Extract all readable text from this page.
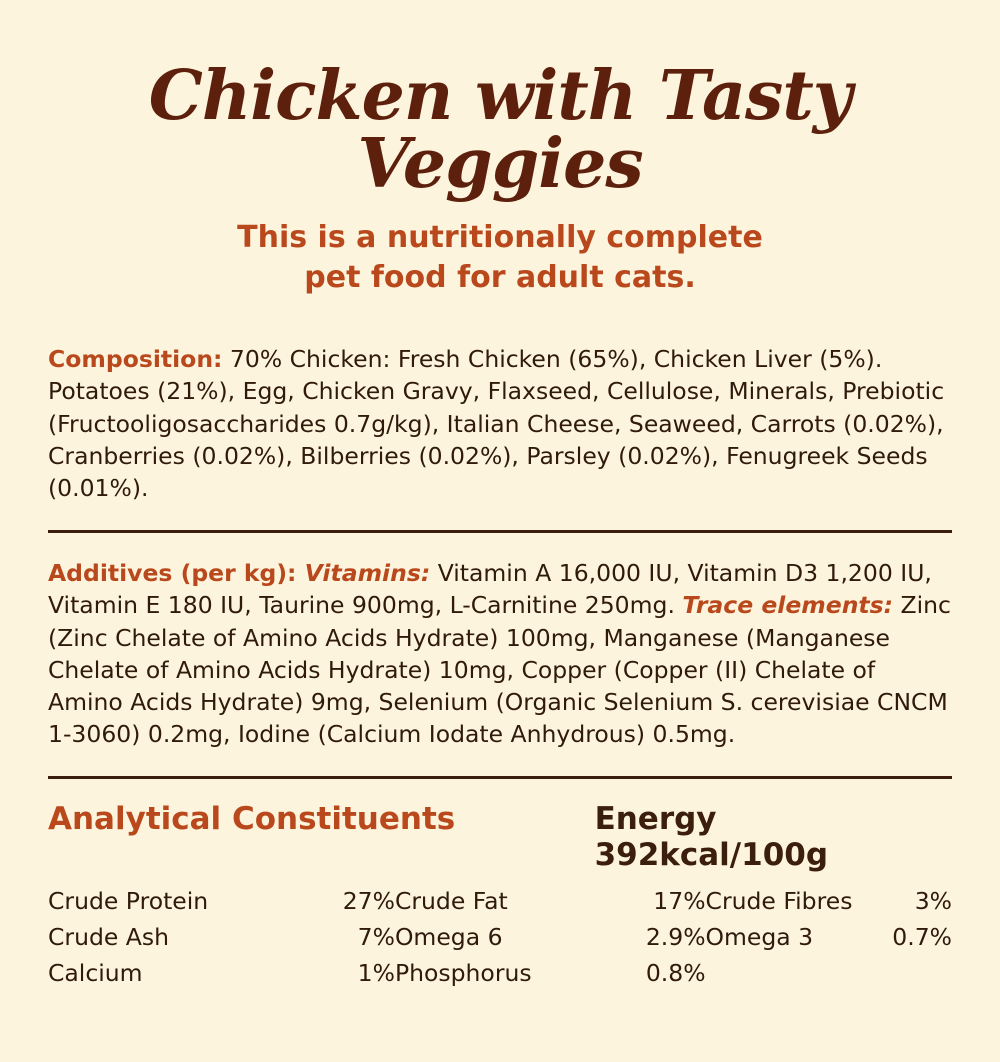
Chicken with Tasty Veggies
This is a nutritionally complete
pet food for adult cats.

Composition: 70% Chicken: Fresh Chicken (65%), Chicken Liver (5%). Potatoes (21%), Egg, Chicken Gravy, Flaxseed, Cellulose, Minerals, Prebiotic (Fructooligosaccharides 0.7g/kg), Italian Cheese, Seaweed, Carrots (0.02%), Cranberries (0.02%), Bilberries (0.02%), Parsley (0.02%), Fenugreek Seeds (0.01%).

Additives (per kg): Vitamins: Vitamin A 16,000 IU, Vitamin D3 1,200 IU, Vitamin E 180 IU, Taurine 900mg, L-Carnitine 250mg. Trace elements: Zinc (Zinc Chelate of Amino Acids Hydrate) 100mg, Manganese (Manganese Chelate of Amino Acids Hydrate) 10mg, Copper (Copper (II) Chelate of Amino Acids Hydrate) 9mg, Selenium (Organic Selenium S. cerevisiae CNCM 1-3060) 0.2mg, Iodine (Calcium Iodate Anhydrous) 0.5mg.

Analytical Constituents	Energy 392kcal/100g
Crude Protein	27%	Crude Fat	17%	Crude Fibres	3%
Crude Ash	7%	Omega 6	2.9%	Omega 3	0.7%
Calcium	1%	Phosphorus	0.8%		
